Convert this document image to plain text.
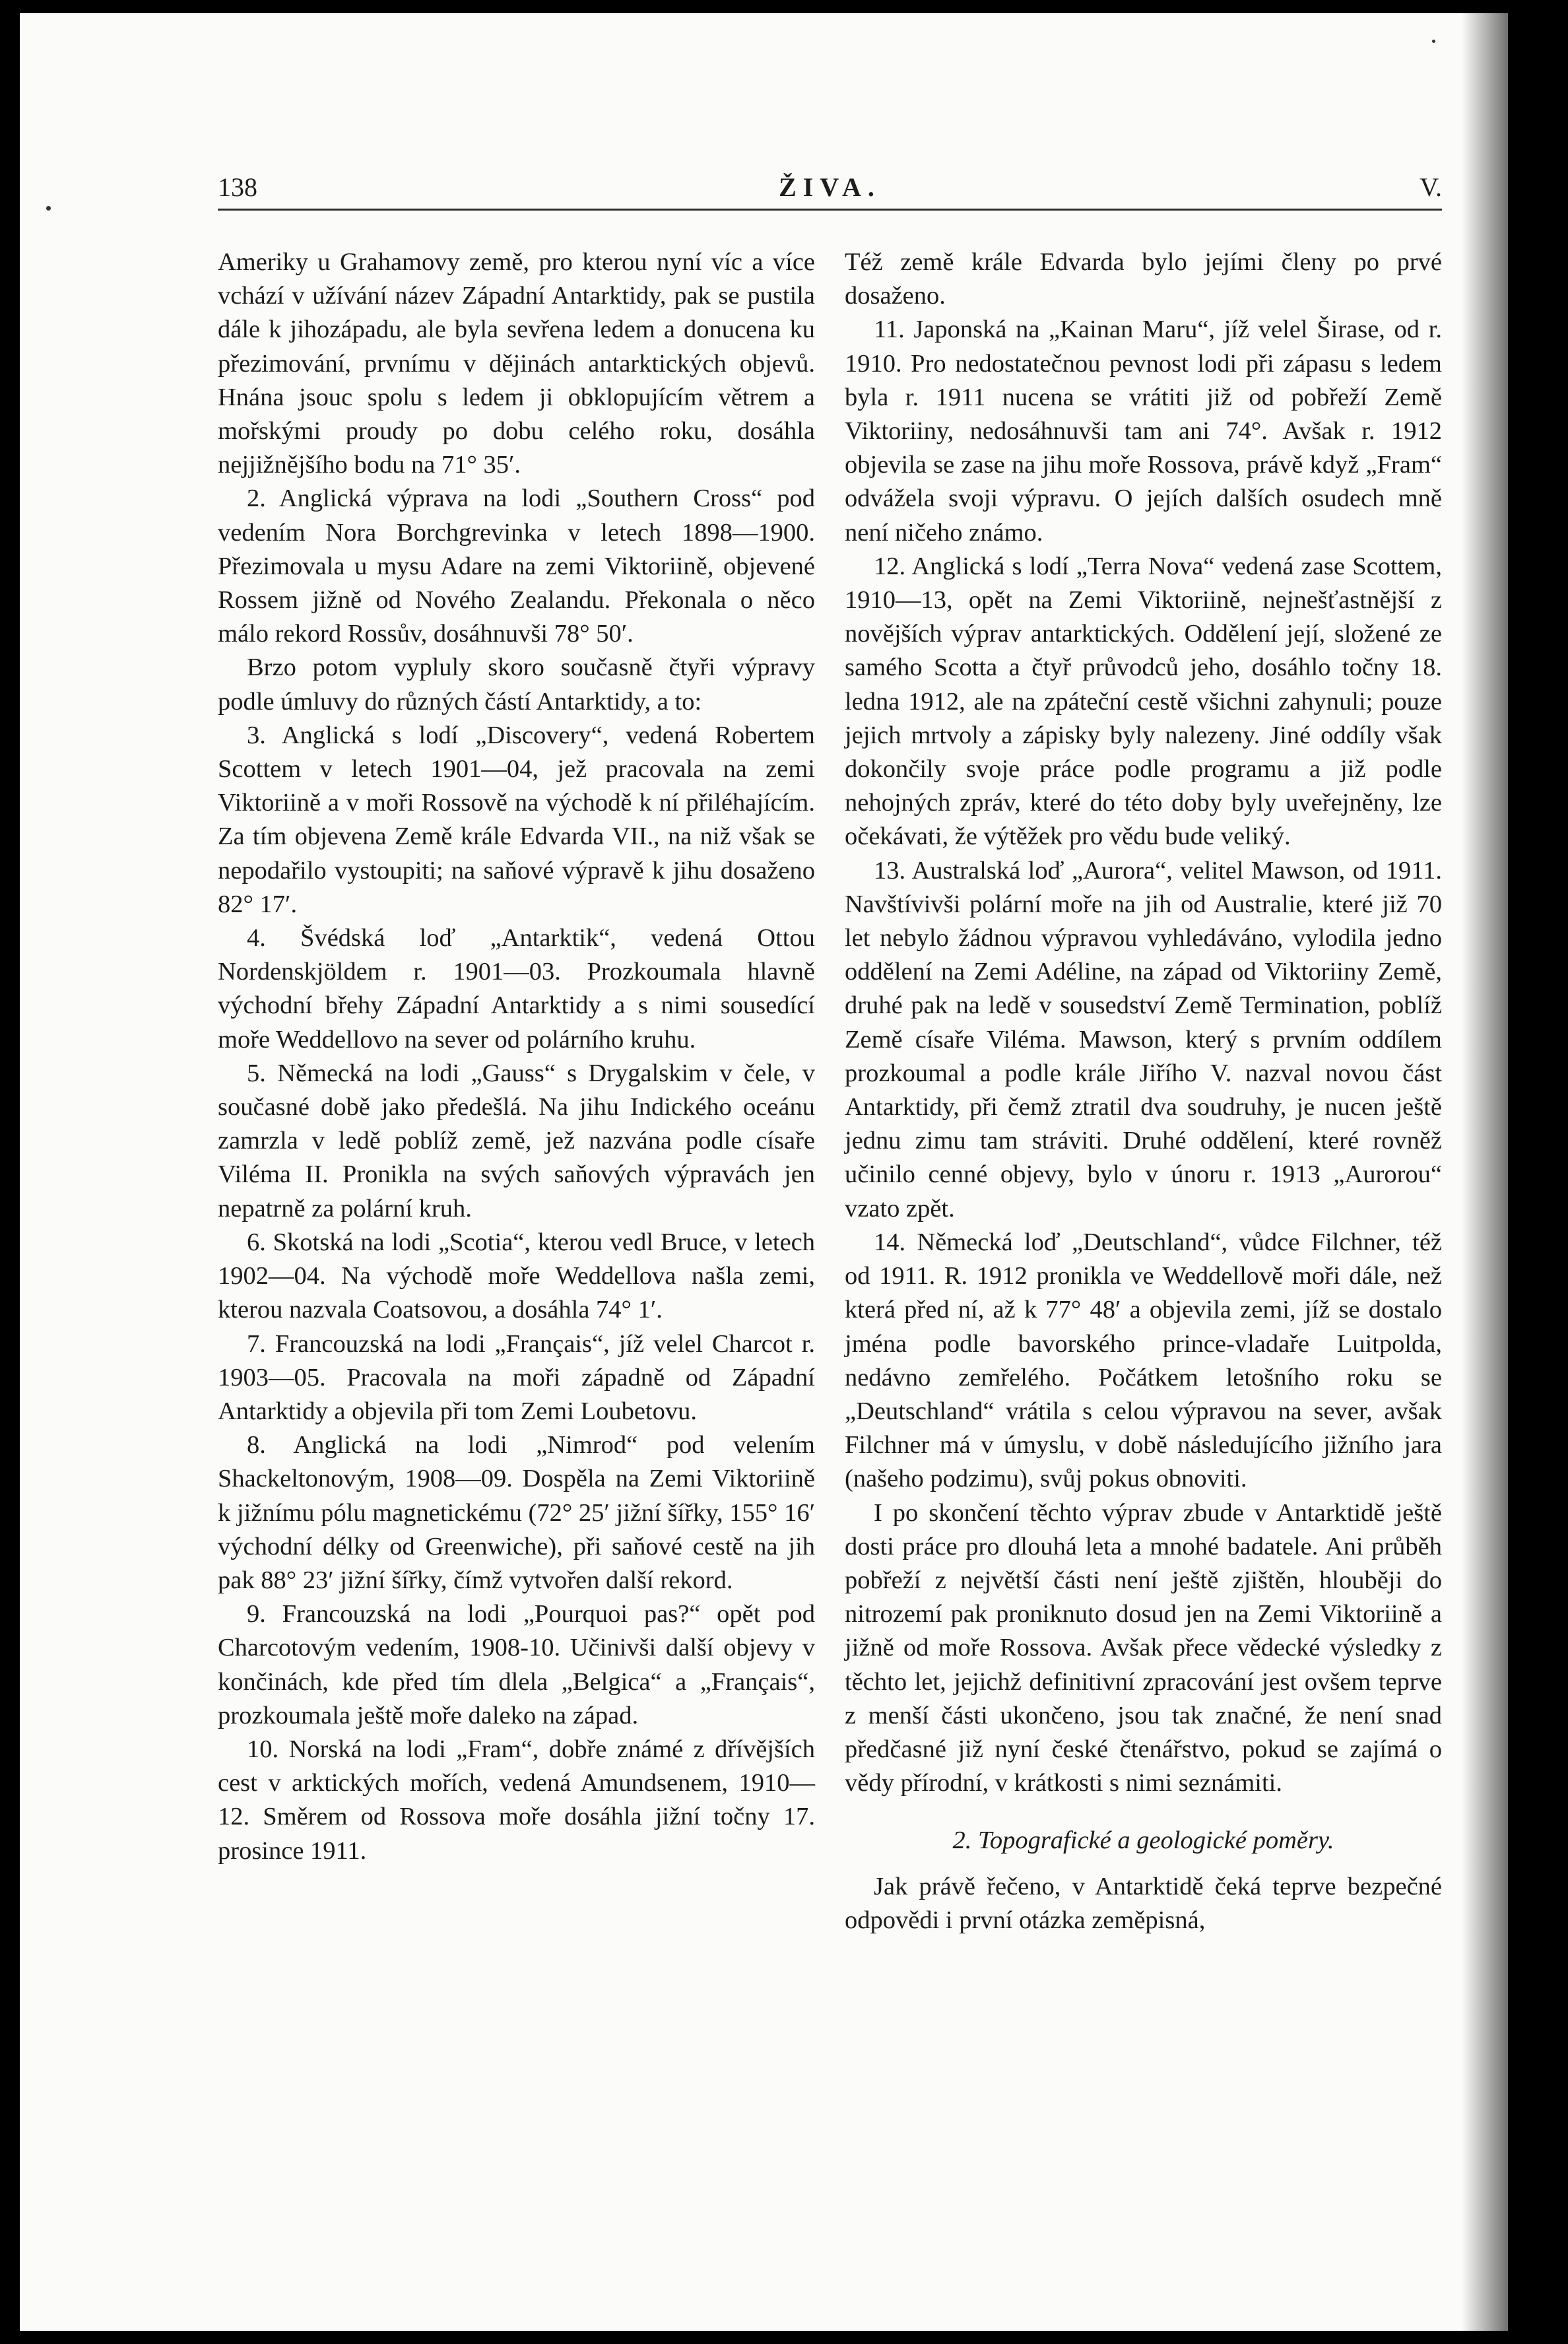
138	ŽIVA.	V.

Ameriky u Grahamovy země, pro kterou nyní víc a více vchází v užívání název Západní Antarktidy, pak se pustila dále k jihozápadu, ale byla sevřena ledem a donucena ku přezimování, prvnímu v dějinách antarktických objevů. Hnána jsouc spolu s ledem ji obklopujícím větrem a mořskými proudy po dobu celého roku, dosáhla nejjižnějšího bodu na 71° 35′.

2. Anglická výprava na lodi „Southern Cross“ pod vedením Nora Borchgrevinka v letech 1898—1900. Přezimovala u mysu Adare na zemi Viktoriině, objevené Rossem jižně od Nového Zealandu. Překonala o něco málo rekord Rossův, dosáhnuvši 78° 50′.

Brzo potom vypluly skoro současně čtyři výpravy podle úmluvy do různých částí Antarktidy, a to:

3. Anglická s lodí „Discovery“, vedená Robertem Scottem v letech 1901—04, jež pracovala na zemi Viktoriině a v moři Rossově na východě k ní přiléhajícím. Za tím objevena Země krále Edvarda VII., na niž však se nepodařilo vystoupiti; na saňové výpravě k jihu dosaženo 82° 17′.

4. Švédská loď „Antarktik“, vedená Ottou Nordenskjöldem r. 1901—03. Prozkoumala hlavně východní břehy Západní Antarktidy a s nimi sousedící moře Weddellovo na sever od polárního kruhu.

5. Německá na lodi „Gauss“ s Drygalskim v čele, v současné době jako předešlá. Na jihu Indického oceánu zamrzla v ledě poblíž země, jež nazvána podle císaře Viléma II. Pronikla na svých saňových výpravách jen nepatrně za polární kruh.

6. Skotská na lodi „Scotia“, kterou vedl Bruce, v letech 1902—04. Na východě moře Weddellova našla zemi, kterou nazvala Coatsovou, a dosáhla 74° 1′.

7. Francouzská na lodi „Français“, jíž velel Charcot r. 1903—05. Pracovala na moři západně od Západní Antarktidy a objevila při tom Zemi Loubetovu.

8. Anglická na lodi „Nimrod“ pod velením Shackeltonovým, 1908—09. Dospěla na Zemi Viktoriině k jižnímu pólu magnetickému (72° 25′ jižní šířky, 155° 16′ východní délky od Greenwiche), při saňové cestě na jih pak 88° 23′ jižní šířky, čímž vytvořen další rekord.

9. Francouzská na lodi „Pourquoi pas?“ opět pod Charcotovým vedením, 1908-10. Učinivši další objevy v končinách, kde před tím dlela „Belgica“ a „Français“, prozkoumala ještě moře daleko na západ.

10. Norská na lodi „Fram“, dobře známé z dřívějších cest v arktických mořích, vedená Amundsenem, 1910—12. Směrem od Rossova moře dosáhla jižní točny 17. prosince 1911.

Též země krále Edvarda bylo jejími členy po prvé dosaženo.

11. Japonská na „Kainan Maru“, jíž velel Širase, od r. 1910. Pro nedostatečnou pevnost lodi při zápasu s ledem byla r. 1911 nucena se vrátiti již od pobřeží Země Viktoriiny, nedosáhnuvši tam ani 74°. Avšak r. 1912 objevila se zase na jihu moře Rossova, právě když „Fram“ odvážela svoji výpravu. O jejích dalších osudech mně není ničeho známo.

12. Anglická s lodí „Terra Nova“ vedená zase Scottem, 1910—13, opět na Zemi Viktoriině, nejnešťastnější z novějších výprav antarktických. Oddělení její, složené ze samého Scotta a čtyř průvodců jeho, dosáhlo točny 18. ledna 1912, ale na zpáteční cestě všichni zahynuli; pouze jejich mrtvoly a zápisky byly nalezeny. Jiné oddíly však dokončily svoje práce podle programu a již podle nehojných zpráv, které do této doby byly uveřejněny, lze očekávati, že výtěžek pro vědu bude veliký.

13. Australská loď „Aurora“, velitel Mawson, od 1911. Navštívivši polární moře na jih od Australie, které již 70 let nebylo žádnou výpravou vyhledáváno, vylodila jedno oddělení na Zemi Adéline, na západ od Viktoriiny Země, druhé pak na ledě v sousedství Země Termination, poblíž Země císaře Viléma. Mawson, který s prvním oddílem prozkoumal a podle krále Jiřího V. nazval novou část Antarktidy, při čemž ztratil dva soudruhy, je nucen ještě jednu zimu tam stráviti. Druhé oddělení, které rovněž učinilo cenné objevy, bylo v únoru r. 1913 „Aurorou“ vzato zpět.

14. Německá loď „Deutschland“, vůdce Filchner, též od 1911. R. 1912 pronikla ve Weddellově moři dále, než která před ní, až k 77° 48′ a objevila zemi, jíž se dostalo jména podle bavorského prince-vladaře Luitpolda, nedávno zemřelého. Počátkem letošního roku se „Deutschland“ vrátila s celou výpravou na sever, avšak Filchner má v úmyslu, v době následujícího jižního jara (našeho podzimu), svůj pokus obnoviti.

I po skončení těchto výprav zbude v Antarktidě ještě dosti práce pro dlouhá leta a mnohé badatele. Ani průběh pobřeží z největší části není ještě zjištěn, hlouběji do nitrozemí pak proniknuto dosud jen na Zemi Viktoriině a jižně od moře Rossova. Avšak přece vědecké výsledky z těchto let, jejichž definitivní zpracování jest ovšem teprve z menší části ukončeno, jsou tak značné, že není snad předčasné již nyní české čtenářstvo, pokud se zajímá o vědy přírodní, v krátkosti s nimi seznámiti.

2. Topografické a geologické poměry.

Jak právě řečeno, v Antarktidě čeká teprve bezpečné odpovědi i první otázka zeměpisná,
